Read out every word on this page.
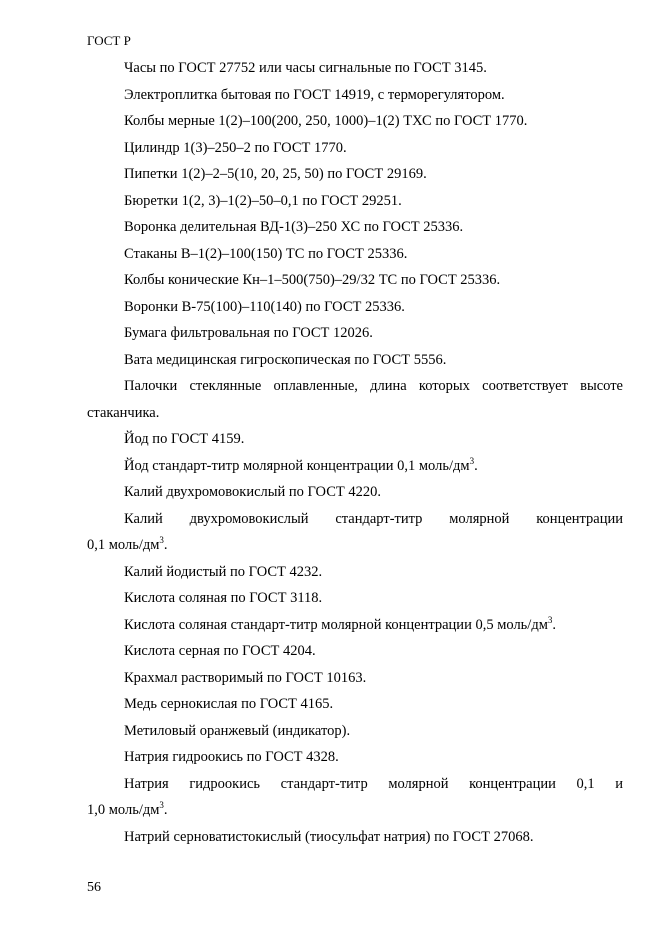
ГОСТ Р

Часы по ГОСТ 27752 или часы сигнальные по ГОСТ 3145.

Электроплитка бытовая по ГОСТ 14919, с терморегулятором.

Колбы мерные 1(2)–100(200, 250, 1000)–1(2) ТХС по ГОСТ 1770.

Цилиндр 1(3)–250–2 по ГОСТ 1770.

Пипетки 1(2)–2–5(10, 20, 25, 50) по ГОСТ 29169.

Бюретки 1(2, 3)–1(2)–50–0,1 по ГОСТ 29251.

Воронка делительная ВД-1(3)–250 ХС по ГОСТ 25336.

Стаканы В–1(2)–100(150) ТС по ГОСТ 25336.

Колбы конические Кн–1–500(750)–29/32 ТС по ГОСТ 25336.

Воронки В-75(100)–110(140) по ГОСТ 25336.

Бумага фильтровальная по ГОСТ 12026.

Вата медицинская гигроскопическая по ГОСТ 5556.

Палочки стеклянные оплавленные, длина которых соответствует высоте стаканчика.

Йод по ГОСТ 4159.

Йод стандарт-титр молярной концентрации 0,1 моль/$дм^3$.

Калий двухромовокислый по ГОСТ 4220.

Калий двухромовокислый стандарт-титр молярной концентрации

0,1 моль/$дм^3$.

Калий йодистый по ГОСТ 4232.

Кислота соляная по ГОСТ 3118.

Кислота соляная стандарт-титр молярной концентрации 0,5 моль/$дм^3$.

Кислота серная по ГОСТ 4204.

Крахмал растворимый по ГОСТ 10163.

Медь сернокислая по ГОСТ 4165.

Метиловый оранжевый (индикатор).

Натрия гидроокись по ГОСТ 4328.

Натрия гидроокись стандарт-титр молярной концентрации 0,1 и

1,0 моль/$дм^3$.

Натрий серноватистокислый (тиосульфат натрия) по ГОСТ 27068.

56
